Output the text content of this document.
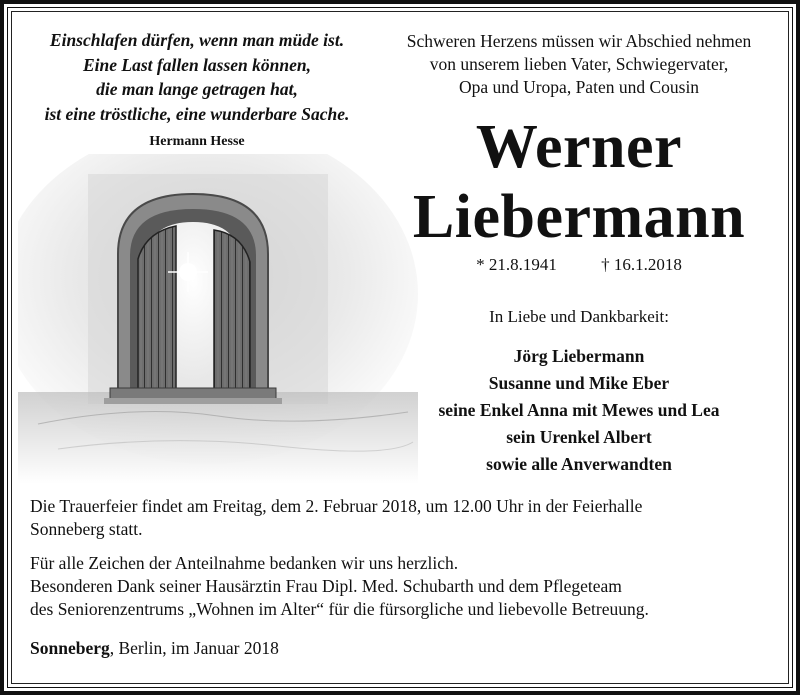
Einschlafen dürfen, wenn man müde ist.
Eine Last fallen lassen können,
die man lange getragen hat,
ist eine tröstliche, eine wunderbare Sache.
Hermann Hesse
Schweren Herzens müssen wir Abschied nehmen
von unserem lieben Vater, Schwiegervater,
Opa und Uropa, Paten und Cousin
Werner
Liebermann
* 21.8.1941	† 16.1.2018
In Liebe und Dankbarkeit:
Jörg Liebermann
Susanne und Mike Eber
seine Enkel Anna mit Mewes und Lea
sein Urenkel Albert
sowie alle Anverwandten
Die Trauerfeier findet am Freitag, dem 2. Februar 2018, um 12.00 Uhr in der Feierhalle
Sonneberg statt.
Für alle Zeichen der Anteilnahme bedanken wir uns herzlich.
Besonderen Dank seiner Hausärztin Frau Dipl. Med. Schubarth und dem Pflegeteam
des Seniorenzentrums „Wohnen im Alter“ für die fürsorgliche und liebevolle Betreuung.
Sonneberg, Berlin, im Januar 2018
